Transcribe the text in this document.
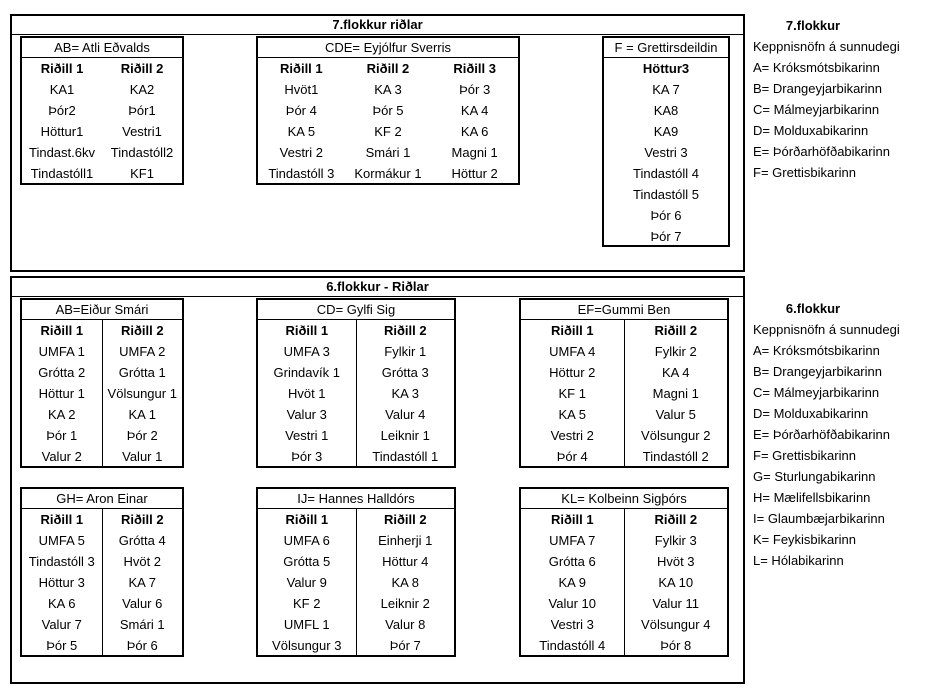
7.flokkur riðlar
AB= Atli Eðvalds
Riðill 1	Riðill 2
KA1	KA2
Þór2	Þór1
Höttur1	Vestri1
Tindast.6kv	Tindastóll2
Tindastóll1	KF1
CDE= Eyjólfur Sverris
Riðill 1	Riðill 2	Riðill 3
Hvöt1	KA 3	Þór 3
Þór 4	Þór 5	KA 4
KA 5	KF 2	KA 6
Vestri 2	Smári 1	Magni 1
Tindastóll 3	Kormákur 1	Höttur 2
F = Grettirsdeildin
Höttur3
KA 7
KA8
KA9
Vestri 3
Tindastóll 4
Tindastóll 5
Þór 6
Þór 7
6.flokkur - Riðlar
AB=Eiður Smári
Riðill 1	Riðill 2
UMFA 1	UMFA 2
Grótta 2	Grótta 1
Höttur 1	Völsungur 1
KA 2	KA 1
Þór 1	Þór 2
Valur 2	Valur 1
CD= Gylfi Sig
Riðill 1	Riðill 2
UMFA 3	Fylkir 1
Grindavík 1	Grótta 3
Hvöt 1	KA 3
Valur 3	Valur 4
Vestri 1	Leiknir 1
Þór 3	Tindastóll 1
EF=Gummi Ben
Riðill 1	Riðill 2
UMFA 4	Fylkir 2
Höttur 2	KA 4
KF 1	Magni 1
KA 5	Valur 5
Vestri 2	Völsungur 2
Þór 4	Tindastóll 2
GH= Aron Einar
Riðill 1	Riðill 2
UMFA 5	Grótta 4
Tindastóll 3	Hvöt 2
Höttur 3	KA 7
KA 6	Valur 6
Valur 7	Smári 1
Þór 5	Þór 6
IJ= Hannes Halldórs
Riðill 1	Riðill 2
UMFA 6	Einherji 1
Grótta 5	Höttur 4
Valur 9	KA 8
KF 2	Leiknir 2
UMFL 1	Valur 8
Völsungur 3	Þór 7
KL= Kolbeinn Sigþórs
Riðill 1	Riðill 2
UMFA 7	Fylkir 3
Grótta 6	Hvöt 3
KA 9	KA 10
Valur 10	Valur 11
Vestri 3	Völsungur 4
Tindastóll 4	Þór 8
7.flokkur
Keppnisnöfn á sunnudegi
A= Króksmótsbikarinn
B= Drangeyjarbikarinn
C= Málmeyjarbikarinn
D= Molduxabikarinn
E= Þórðarhöfðabikarinn
F= Grettisbikarinn
6.flokkur
Keppnisnöfn á sunnudegi
A= Króksmótsbikarinn
B= Drangeyjarbikarinn
C= Málmeyjarbikarinn
D= Molduxabikarinn
E= Þórðarhöfðabikarinn
F= Grettisbikarinn
G= Sturlungabikarinn
H= Mælifellsbikarinn
I= Glaumbæjarbikarinn
K= Feykisbikarinn
L= Hólabikarinn
